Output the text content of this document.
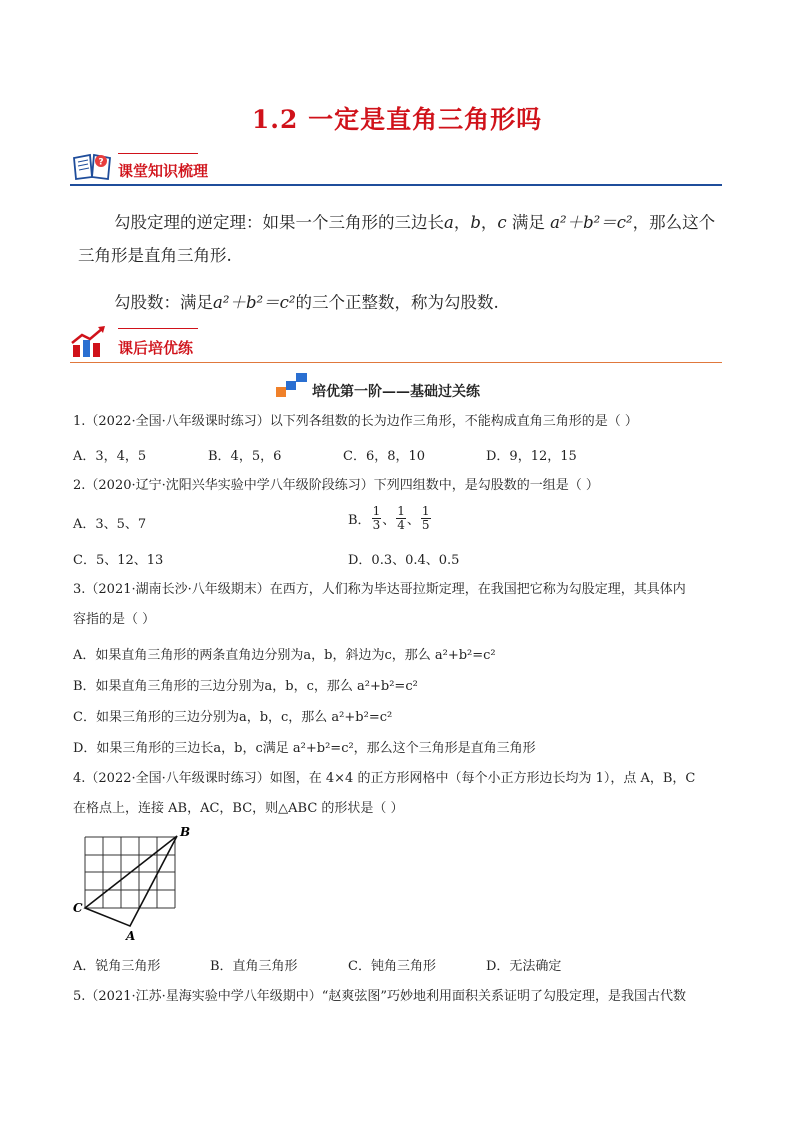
1.2 一定是直角三角形吗
? 课堂知识梳理
勾股定理的逆定理：如果一个三角形的三边长a，b，c 满足 a²＋b²＝c²，那么这个三角形是直角三角形.
勾股数：满足a²＋b²＝c²的三个正整数，称为勾股数.
课后培优练
培优第一阶——基础过关练
1.（2022·全国·八年级课时练习）以下列各组数的长为边作三角形，不能构成直角三角形的是（ ）
A．3，4，5	B．4，5，6	C．6，8，10	D．9，12，15
2.（2020·辽宁·沈阳兴华实验中学八年级阶段练习）下列四组数中，是勾股数的一组是（ ）
A．3、5、7	B． $\frac{1}{3}$ 、 $\frac{1}{4}$ 、 $\frac{1}{5}$
C．5、12、13	D．0.3、0.4、0.5
3.（2021·湖南长沙·八年级期末）在西方，人们称为毕达哥拉斯定理，在我国把它称为勾股定理，其具体内
容指的是（ ）
A．如果直角三角形的两条直角边分别为a，b，斜边为c，那么 a²+b²=c²
B．如果直角三角形的三边分别为a，b，c，那么 a²+b²=c²
C．如果三角形的三边分别为a，b，c，那么 a²+b²=c²
D．如果三角形的三边长a，b，c满足 a²+b²=c²，那么这个三角形是直角三角形
4.（2022·全国·八年级课时练习）如图，在 4×4 的正方形网格中（每个小正方形边长均为 1），点 A，B，C
在格点上，连接 AB，AC，BC，则△ABC 的形状是（ ）
B
C
A
A．锐角三角形	B．直角三角形	C．钝角三角形	D．无法确定
5.（2021·江苏·星海实验中学八年级期中）“赵爽弦图”巧妙地利用面积关系证明了勾股定理，是我国古代数
